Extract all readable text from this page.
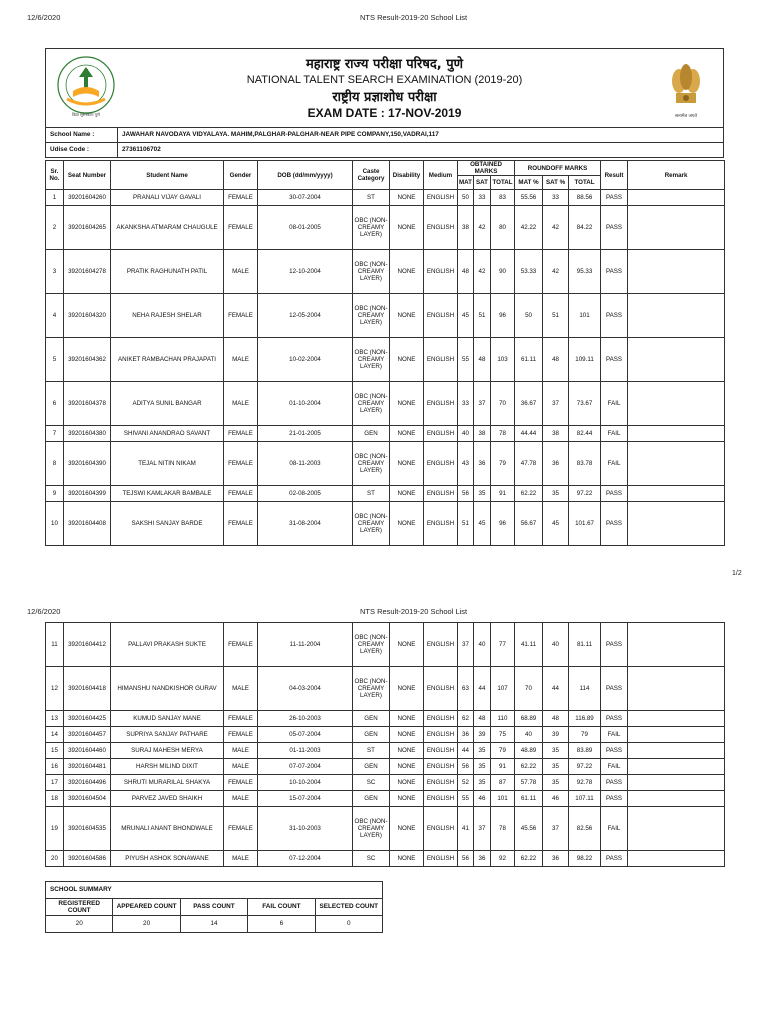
12/6/2020	NTS Result-2019-20 School List
विद्या सुसंस्कारः पुणे
महाराष्ट्र राज्य परीक्षा परिषद, पुणे
NATIONAL TALENT SEARCH EXAMINATION (2019-20)
राष्ट्रीय प्रज्ञाशोध परीक्षा
EXAM DATE : 17-NOV-2019	सत्यमेव जयते
School Name :	JAWAHAR NAVODAYA VIDYALAYA. MAHIM,PALGHAR-PALGHAR-NEAR PIPE COMPANY,150,VADRAI,117
Udise Code :	27361106702
Sr. No.	Seat Number	Student Name	Gender	DOB (dd/mm/yyyy)	Caste Category	Disability	Medium	OBTAINED MARKS			ROUNDOFF MARKS			Result	Remark
								MAT	SAT	TOTAL	MAT %	SAT %	TOTAL		
1	39201604260	PRANALI VIJAY GAVALI	FEMALE	30-07-2004	ST	NONE	ENGLISH	50	33	83	55.56	33	88.56	PASS	
2	39201604265	AKANKSHA ATMARAM CHAUGULE	FEMALE	08-01-2005	OBC (NON-CREAMY LAYER)	NONE	ENGLISH	38	42	80	42.22	42	84.22	PASS	
3	39201604278	PRATIK RAGHUNATH PATIL	MALE	12-10-2004	OBC (NON-CREAMY LAYER)	NONE	ENGLISH	48	42	90	53.33	42	95.33	PASS	
4	39201604320	NEHA RAJESH SHELAR	FEMALE	12-05-2004	OBC (NON-CREAMY LAYER)	NONE	ENGLISH	45	51	96	50	51	101	PASS	
5	39201604362	ANIKET RAMBACHAN PRAJAPATI	MALE	10-02-2004	OBC (NON-CREAMY LAYER)	NONE	ENGLISH	55	48	103	61.11	48	109.11	PASS	
6	39201604378	ADITYA SUNIL BANGAR	MALE	01-10-2004	OBC (NON-CREAMY LAYER)	NONE	ENGLISH	33	37	70	36.67	37	73.67	FAIL	
7	39201604380	SHIVANI ANANDRAO SAVANT	FEMALE	21-01-2005	GEN	NONE	ENGLISH	40	38	78	44.44	38	82.44	FAIL	
8	39201604390	TEJAL NITIN NIKAM	FEMALE	08-11-2003	OBC (NON-CREAMY LAYER)	NONE	ENGLISH	43	36	79	47.78	36	83.78	FAIL	
9	39201604399	TEJSWI KAMLAKAR BAMBALE	FEMALE	02-08-2005	ST	NONE	ENGLISH	56	35	91	62.22	35	97.22	PASS	
10	39201604408	SAKSHI SANJAY BARDE	FEMALE	31-08-2004	OBC (NON-CREAMY LAYER)	NONE	ENGLISH	51	45	96	56.67	45	101.67	PASS	
1/2
12/6/2020	NTS Result-2019-20 School List
11	39201604412	PALLAVI PRAKASH SUKTE	FEMALE	11-11-2004	OBC (NON-CREAMY LAYER)	NONE	ENGLISH	37	40	77	41.11	40	81.11	PASS	
12	39201604418	HIMANSHU NANDKISHOR GURAV	MALE	04-03-2004	OBC (NON-CREAMY LAYER)	NONE	ENGLISH	63	44	107	70	44	114	PASS	
13	39201604425	KUMUD SANJAY MANE	FEMALE	26-10-2003	GEN	NONE	ENGLISH	62	48	110	68.89	48	116.89	PASS	
14	39201604457	SUPRIYA SANJAY PATHARE	FEMALE	05-07-2004	GEN	NONE	ENGLISH	36	39	75	40	39	79	FAIL	
15	39201604460	SURAJ MAHESH MERYA	MALE	01-11-2003	ST	NONE	ENGLISH	44	35	79	48.89	35	83.89	PASS	
16	39201604481	HARSH MILIND DIXIT	MALE	07-07-2004	GEN	NONE	ENGLISH	56	35	91	62.22	35	97.22	FAIL	
17	39201604496	SHRUTI MURARILAL SHAKYA	FEMALE	10-10-2004	SC	NONE	ENGLISH	52	35	87	57.78	35	92.78	PASS	
18	39201604504	PARVEZ JAVED SHAIKH	MALE	15-07-2004	GEN	NONE	ENGLISH	55	46	101	61.11	46	107.11	PASS	
19	39201604535	MRUNALI ANANT BHONDWALE	FEMALE	31-10-2003	OBC (NON-CREAMY LAYER)	NONE	ENGLISH	41	37	78	45.56	37	82.56	FAIL	
20	39201604586	PIYUSH ASHOK SONAWANE	MALE	07-12-2004	SC	NONE	ENGLISH	56	36	92	62.22	36	98.22	PASS	
SCHOOL SUMMARY				
REGISTERED COUNT	APPEARED COUNT	PASS COUNT	FAIL COUNT	SELECTED COUNT
20	20	14	6	0
